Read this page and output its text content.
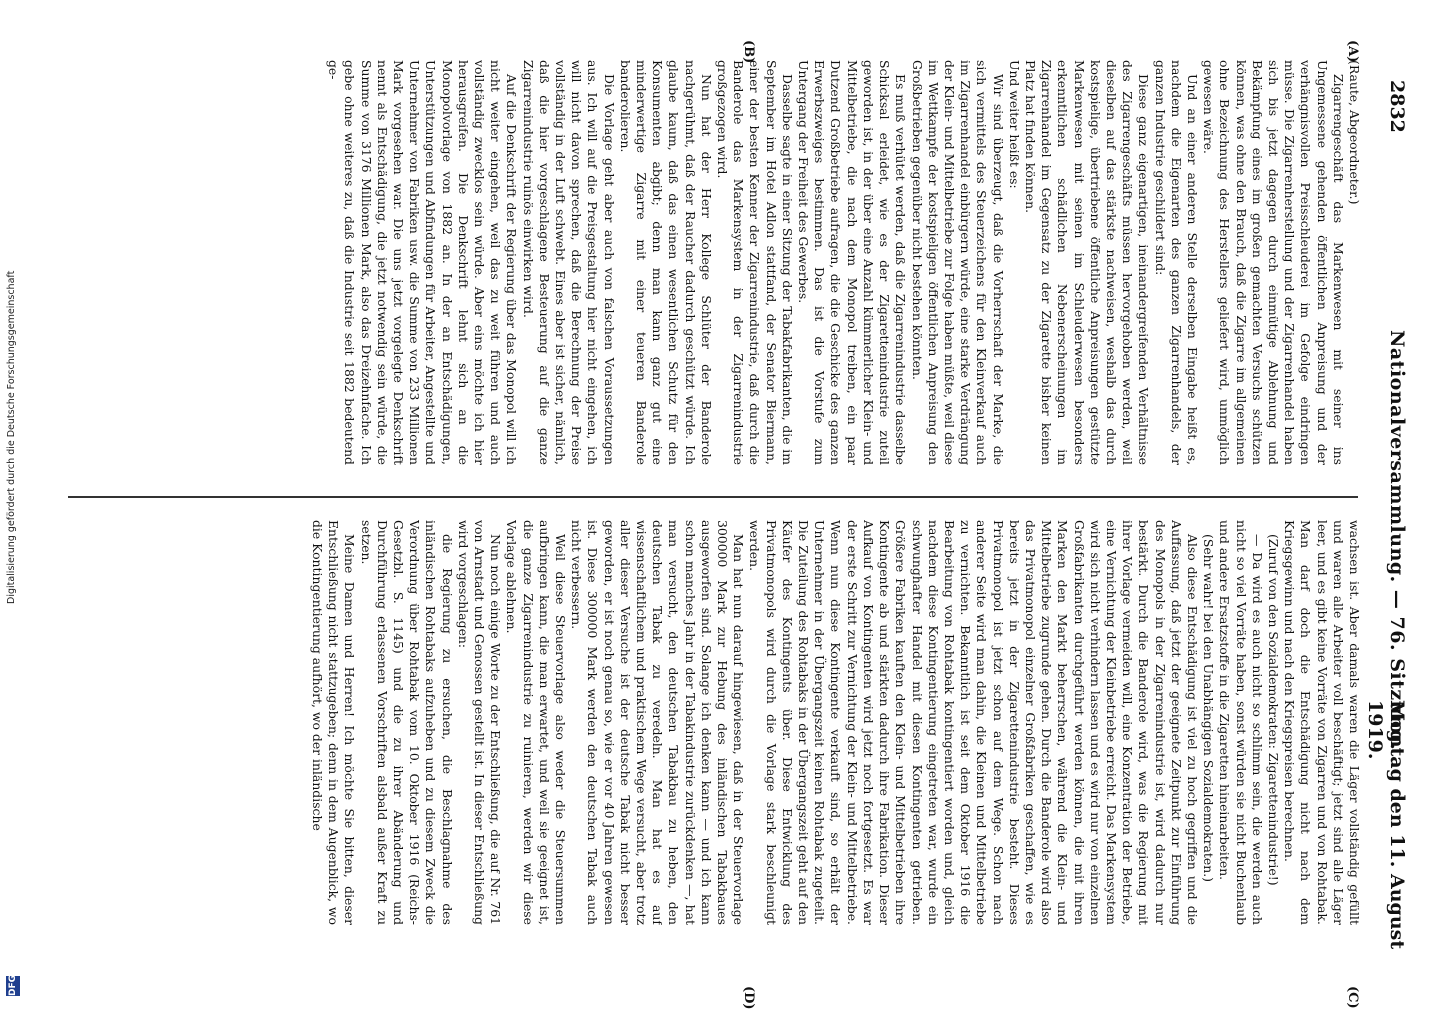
2832
Nationalversammlung. — 76. Sitzung.
Montag den 11. August 1919.
(A)
(B)
(C)
(D)

(Raute, Abgeordneter.)

Zigarrengeschäft das Markenwesen mit seiner ins Ungemessene gehenden öffentlichen Anpreisung und der verhängnisvollen Preisschleuderei im Gefolge eindringen müsse. Die Zigarrenherstellung und der Zigarrenhandel haben sich bis jetzt dagegen durch einmütige Ablehnung und Bekämpfung eines im großen gemachten Versuchs schützen können, was ohne den Brauch, daß die Zigarre im allgemeinen ohne Bezeichnung des Herstellers geliefert wird, unmöglich gewesen wäre.

Und an einer anderen Stelle derselben Eingabe heißt es, nachdem die Eigenarten des ganzen Zigarrenhandels, der ganzen Industrie geschildert sind:

Diese ganz eigenartigen, ineinandergreifenden Verhältnisse des Zigarrengeschäfts müssen hervorgehoben werden, weil dieselben auf das stärkste nachweisen, weshalb das durch kostspielige, übertriebene öffentliche Anpreisungen gestützte Markenwesen mit seinen im Schleuderwesen besonders erkenntlichen schädlichen Nebenerscheinungen im Zigarrenhandel im Gegensatz zu der Zigarette bisher keinen Platz hat finden können.

Und weiter heißt es:

Wir sind überzeugt, daß die Vorherrschaft der Marke, die sich vermittels des Steuerzeichens für den Kleinverkauf auch im Zigarrenhandel einbürgern würde, eine starke Verdrängung der Klein- und Mittelbetriebe zur Folge haben müßte, weil diese im Wettkampfe der kostspieligen öffentlichen Anpreisung den Großbetrieben gegenüber nicht bestehen könnten.

Es muß verhütet werden, daß die Zigarrenindustrie dasselbe Schicksal erleidet, wie es der Zigarettenindustrie zuteil geworden ist, in der über eine Anzahl kümmerlicher Klein- und Mittelbetriebe, die nach dem Monopol treiben, ein paar Dutzend Großbetriebe aufragen, die die Geschicke des ganzen Erwerbszweiges bestimmen. Das ist die Vorstufe zum Untergang der Freiheit des Gewerbes.

Dasselbe sagte in einer Sitzung der Tabakfabrikanten, die im September im Hotel Adlon stattfand, der Senator Biermann, einer der besten Kenner der Zigarrenindustrie, daß durch die Banderole das Markensystem in der Zigarrenindustrie großgezogen wird.

Nun hat der Herr Kollege Schlüter der Banderole nachgerühmt, daß der Raucher dadurch geschützt würde. Ich glaube kaum, daß das einen wesentlichen Schutz für den Konsumenten abgibt; denn man kann ganz gut eine minderwertige Zigarre mit einer teueren Banderole banderolieren.

Die Vorlage geht aber auch von falschen Voraussetzungen aus. Ich will auf die Preisgestaltung hier nicht eingehen, ich will nicht davon sprechen, daß die Berechnung der Preise vollständig in der Luft schwebt. Eines aber ist sicher, nämlich, daß die hier vorgeschlagene Besteuerung auf die ganze Zigarrenindustrie ruinös einwirken wird.

Auf die Denkschrift der Regierung über das Monopol will ich nicht weiter eingehen, weil das zu weit führen und auch vollständig zwecklos sein würde. Aber eins möchte ich hier herausgreifen. Die Denkschrift lehnt sich an die Monopolvorlage von 1882 an. In der an Entschädigungen, Unterstützungen und Abfindungen für Arbeiter, Angestellte und Unternehmer von Fabriken usw. die Summe von 233 Millionen Mark vorgesehen war. Die uns jetzt vorgelegte Denkschrift nennt als Entschädigung, die jetzt notwendig sein würde, die Summe von 3176 Millionen Mark, also das Dreizehnfache. Ich gebe ohne weiteres zu, daß die Industrie seit 1882 bedeutend ge-

wachsen ist. Aber damals waren die Läger vollständig gefüllt und waren alle Arbeiter voll beschäftigt; jetzt sind alle Läger leer, und es gibt keine Vorräte von Zigarren und von Rohtabak. Man darf doch die Entschädigung nicht nach dem Kriegsgewinn und nach den Kriegspreisen berechnen.

(Zuruf von den Sozialdemokraten: Zigarettenindustrie!)

— Da wird es auch nicht so schlimm sein, die werden auch nicht so viel Vorräte haben, sonst würden sie nicht Buchenlaub und andere Ersatzstoffe in die Zigaretten hineinarbeiten.

(Sehr wahr! bei den Unabhängigen Sozialdemokraten.)

Also diese Entschädigung ist viel zu hoch gegriffen und die Auffassung, daß jetzt der geeignete Zeitpunkt zur Einführung des Monopols in der Zigarrenindustrie ist, wird dadurch nur bestärkt. Durch die Banderole wird, was die Regierung mit ihrer Vorlage vermeiden will, eine Konzentration der Betriebe, eine Vernichtung der Kleinbetriebe erreicht. Das Markensystem wird sich nicht verhindern lassen und es wird nur von einzelnen Großfabrikanten durchgeführt werden können, die mit ihren Marken den Markt beherrschen, während die Klein- und Mittelbetriebe zugrunde gehen. Durch die Banderole wird also das Privatmonopol einzelner Großfabriken geschaffen, wie es bereits jetzt in der Zigarettenindustrie besteht. Dieses Privatmonopol ist jetzt schon auf dem Wege. Schon nach anderer Seite wird man dahin, die Kleinen und Mittelbetriebe zu vernichten. Bekanntlich ist seit dem Oktober 1916 die Bearbeitung von Rohtabak kontingentiert worden und, gleich nachdem diese Kontingentierung eingetreten war, wurde ein schwunghafter Handel mit diesen Kontingenten getrieben. Größere Fabriken kauften den Klein- und Mittelbetrieben ihre Kontingente ab und stärkten dadurch ihre Fabrikation. Dieser Aufkauf von Kontingenten wird jetzt noch fortgesetzt. Es war der erste Schritt zur Vernichtung der Klein- und Mittelbetriebe. Wenn nun diese Kontingente verkauft sind, so erhält der Unternehmer in der Übergangszeit keinen Rohtabak zugeteilt. Die Zuteilung des Rohtabaks in der Übergangszeit geht auf den Käufer des Kontingents über. Diese Entwicklung des Privatmonopols wird durch die Vorlage stark beschleunigt werden.

Man hat nun darauf hingewiesen, daß in der Steuervorlage 300000 Mark zur Hebung des inländischen Tabakbaues ausgeworfen sind. Solange ich denken kann — und ich kann schon manches Jahr in der Tabakindustrie zurückdenken —, hat man versucht, den deutschen Tabakbau zu heben, den deutschen Tabak zu veredeln. Man hat es auf wissenschaftlichem und praktischem Wege versucht, aber trotz aller dieser Versuche ist der deutsche Tabak nicht besser geworden, er ist noch genau so, wie er vor 40 Jahren gewesen ist. Diese 300000 Mark werden den deutschen Tabak auch nicht verbessern.

Weil diese Steuervorlage also weder die Steuersummen aufbringen kann, die man erwartet, und weil sie geeignet ist, die ganze Zigarrenindustrie zu ruinieren, werden wir diese Vorlage ablehnen.

Nun noch einige Worte zu der Entschließung, die auf Nr. 761 von Arnstadt und Genossen gestellt ist. In dieser Entschließung wird vorgeschlagen:

die Regierung zu ersuchen, die Beschlagnahme des inländischen Rohtabaks aufzuheben und zu diesem Zweck die Verordnung über Rohtabak vom 10. Oktober 1916 (Reichs-Gesetzbl. S. 1145) und die zu ihrer Abänderung und Durchführung erlassenen Vorschriften alsbald außer Kraft zu setzen.

Meine Damen und Herren! Ich möchte Sie bitten, dieser Entschließung nicht stattzugeben; denn in dem Augenblick, wo die Kontingentierung aufhört, wo der inländische

Digitalisierung gefördert durch die Deutsche Forschungsgemeinschaft
DFG
